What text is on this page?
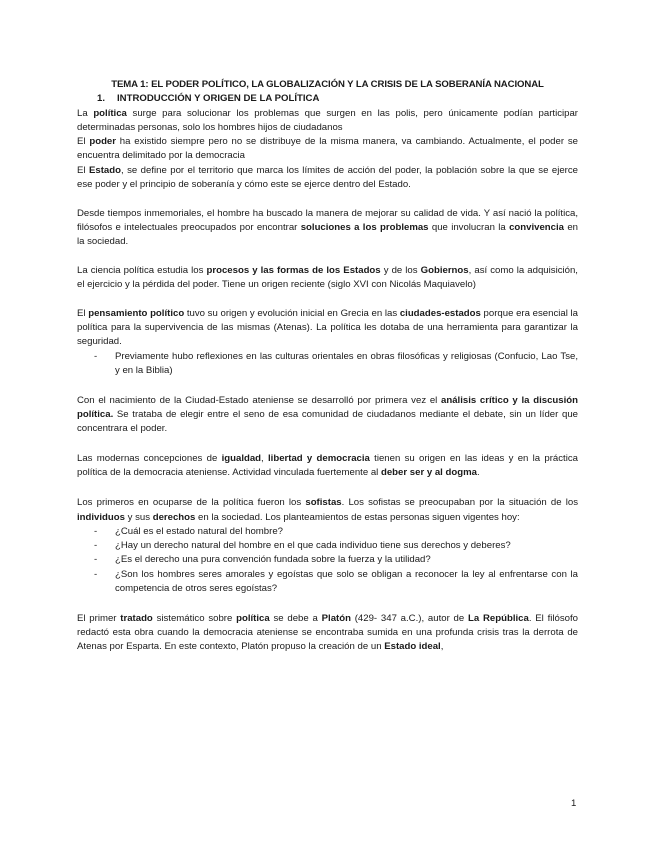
TEMA 1: EL PODER POLÍTICO, LA GLOBALIZACIÓN Y LA CRISIS DE LA SOBERANÍA NACIONAL

1. INTRODUCCIÓN Y ORIGEN DE LA POLÍTICA

La política surge para solucionar los problemas que surgen en las polis, pero únicamente podían participar determinadas personas, solo los hombres hijos de ciudadanos

El poder ha existido siempre pero no se distribuye de la misma manera, va cambiando. Actualmente, el poder se encuentra delimitado por la democracia

El Estado, se define por el territorio que marca los límites de acción del poder, la población sobre la que se ejerce ese poder y el principio de soberanía y cómo este se ejerce dentro del Estado.

Desde tiempos inmemoriales, el hombre ha buscado la manera de mejorar su calidad de vida. Y así nació la política, filósofos e intelectuales preocupados por encontrar soluciones a los problemas que involucran la convivencia en la sociedad.

La ciencia política estudia los procesos y las formas de los Estados y de los Gobiernos, así como la adquisición, el ejercicio y la pérdida del poder. Tiene un origen reciente (siglo XVI con Nicolás Maquiavelo)

El pensamiento político tuvo su origen y evolución inicial en Grecia en las ciudades-estados porque era esencial la política para la supervivencia de las mismas (Atenas). La política les dotaba de una herramienta para garantizar la seguridad.

- Previamente hubo reflexiones en las culturas orientales en obras filosóficas y religiosas (Confucio, Lao Tse, y en la Biblia)

Con el nacimiento de la Ciudad-Estado ateniense se desarrolló por primera vez el análisis crítico y la discusión política. Se trataba de elegir entre el seno de esa comunidad de ciudadanos mediante el debate, sin un líder que concentrara el poder.

Las modernas concepciones de igualdad, libertad y democracia tienen su origen en las ideas y en la práctica política de la democracia ateniense. Actividad vinculada fuertemente al deber ser y al dogma.

Los primeros en ocuparse de la política fueron los sofistas. Los sofistas se preocupaban por la situación de los individuos y sus derechos en la sociedad. Los planteamientos de estas personas siguen vigentes hoy:

- ¿Cuál es el estado natural del hombre?
- ¿Hay un derecho natural del hombre en el que cada individuo tiene sus derechos y deberes?
- ¿Es el derecho una pura convención fundada sobre la fuerza y la utilidad?
- ¿Son los hombres seres amorales y egoístas que solo se obligan a reconocer la ley al enfrentarse con la competencia de otros seres egoístas?

El primer tratado sistemático sobre política se debe a Platón (429- 347 a.C.), autor de La República. El filósofo redactó esta obra cuando la democracia ateniense se encontraba sumida en una profunda crisis tras la derrota de Atenas por Esparta. En este contexto, Platón propuso la creación de un Estado ideal,

1
